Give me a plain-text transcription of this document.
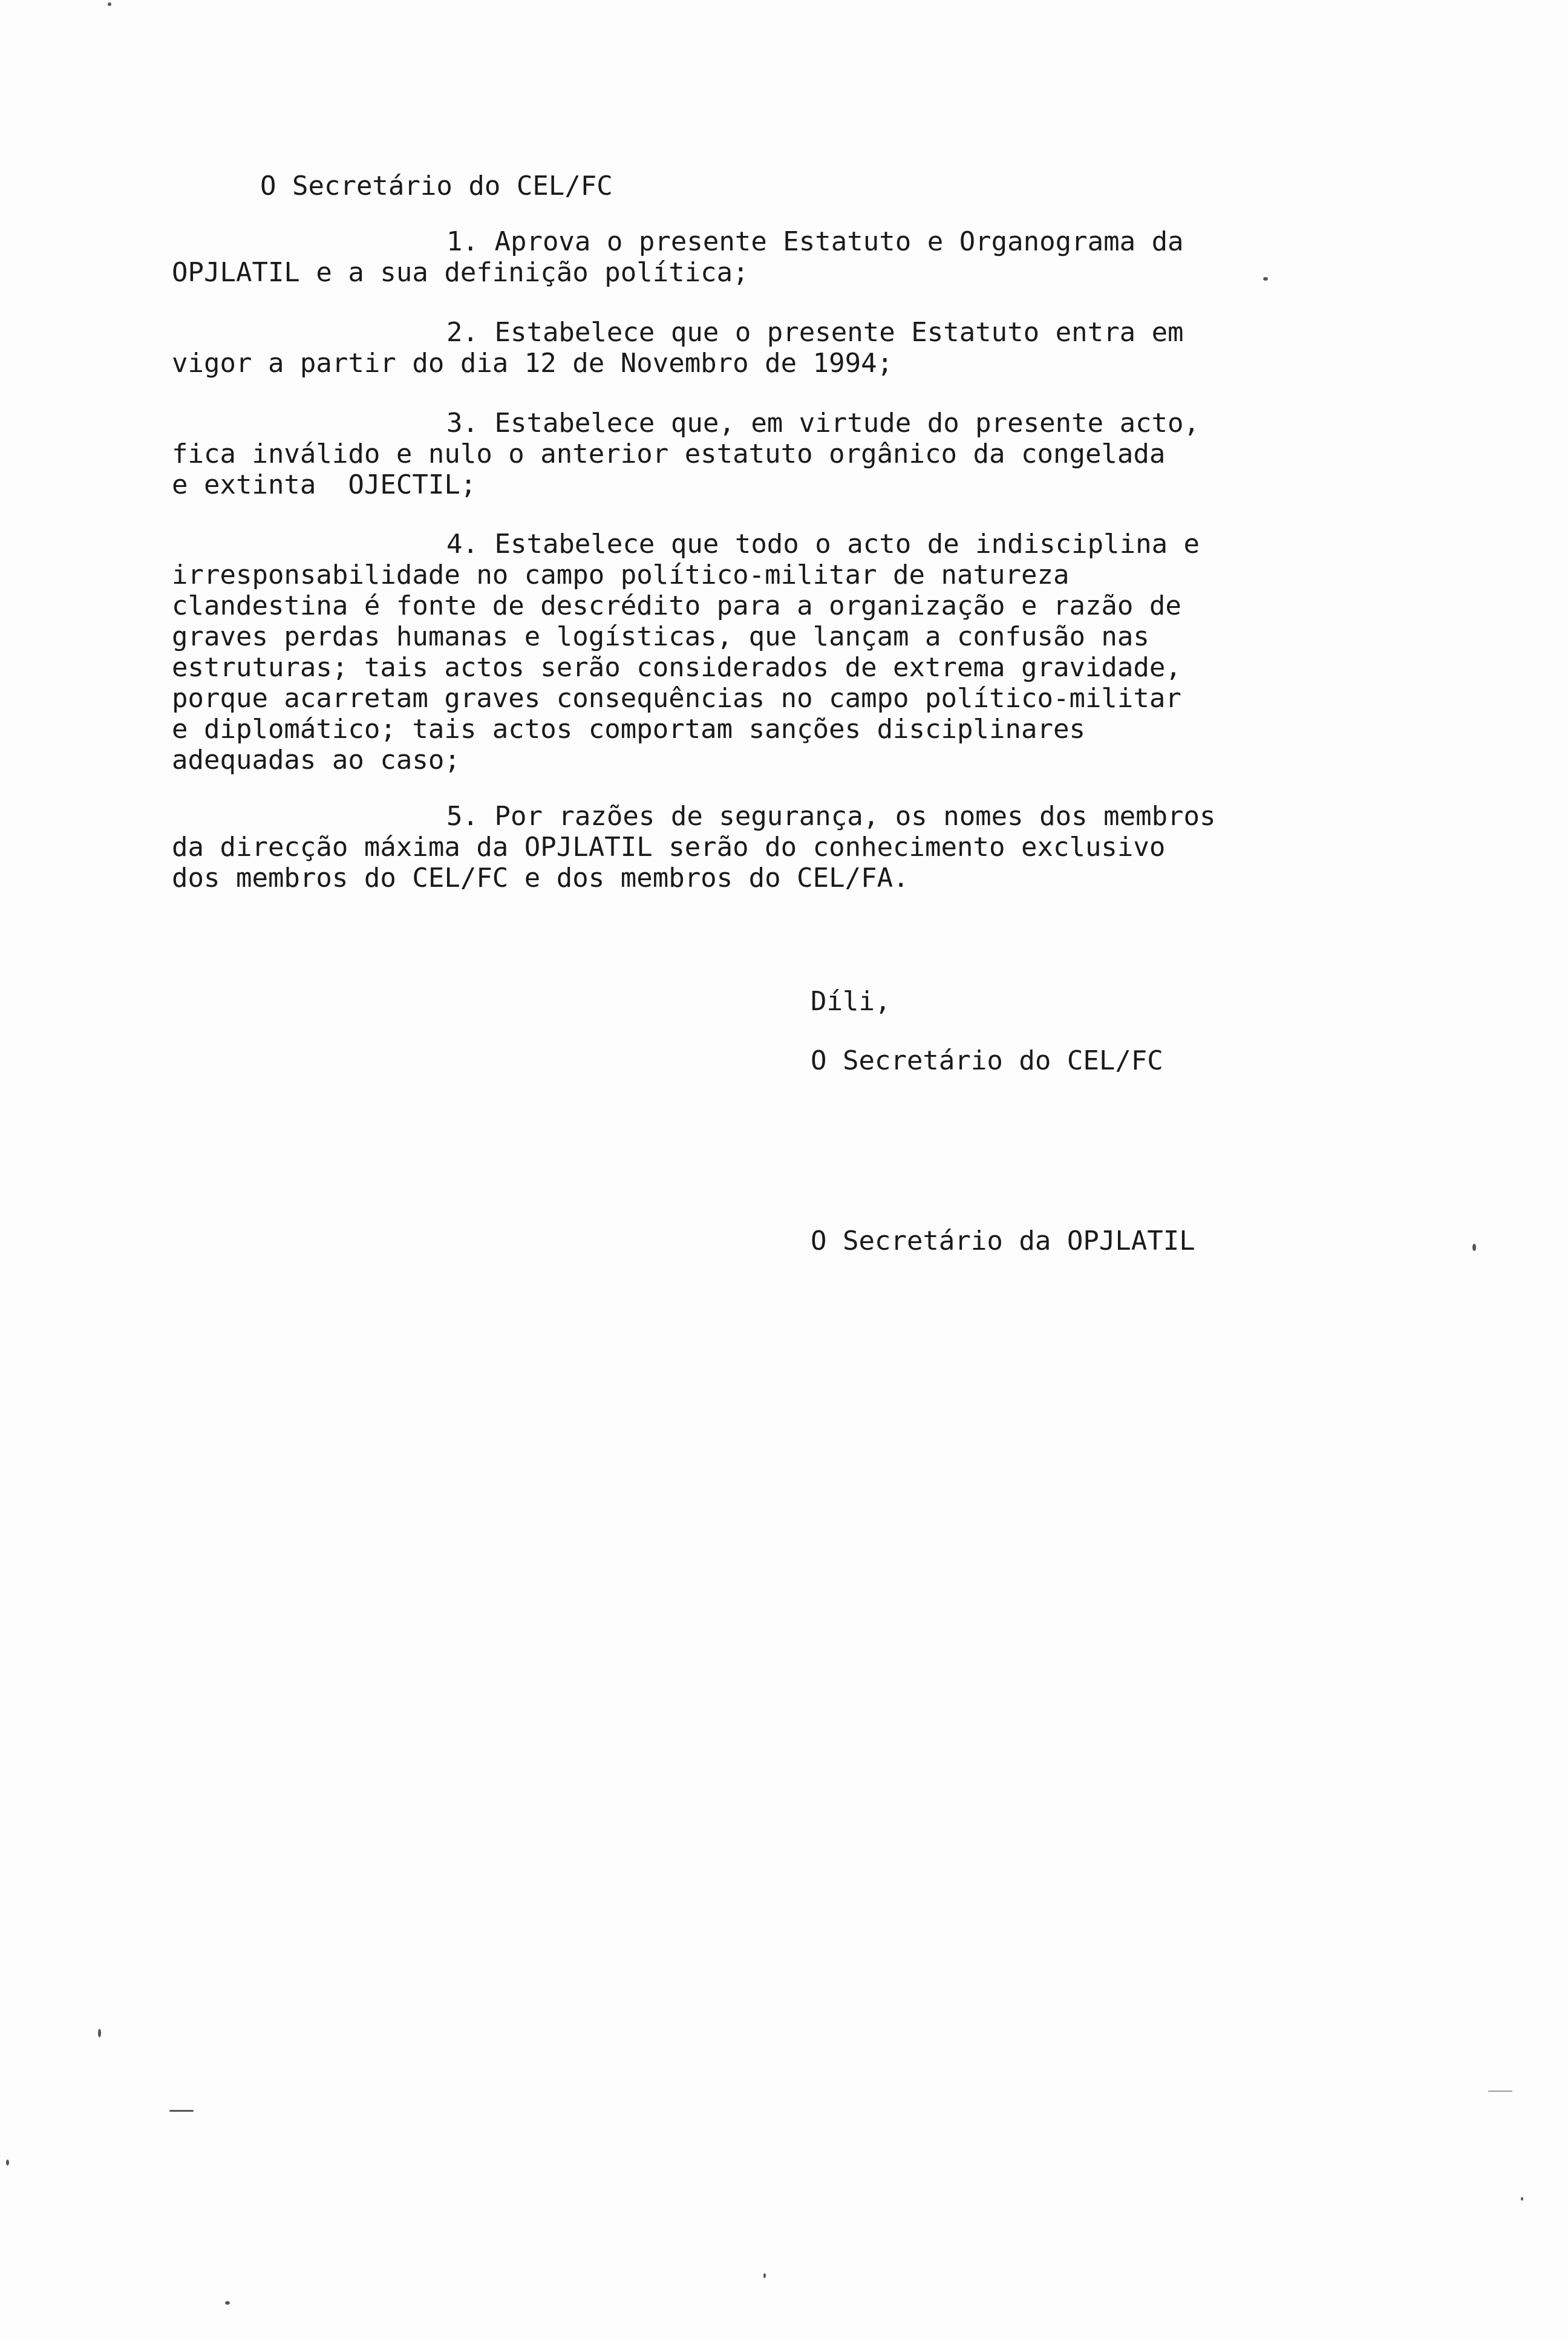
O Secretário do CEL/FC
1. Aprova o presente Estatuto e Organograma da
OPJLATIL e a sua definição política;
2. Estabelece que o presente Estatuto entra em
vigor a partir do dia 12 de Novembro de 1994;
3. Estabelece que, em virtude do presente acto,
fica inválido e nulo o anterior estatuto orgânico da congelada
e extinta  OJECTIL;
4. Estabelece que todo o acto de indisciplina e
irresponsabilidade no campo político-militar de natureza
clandestina é fonte de descrédito para a organização e razão de
graves perdas humanas e logísticas, que lançam a confusão nas
estruturas; tais actos serão considerados de extrema gravidade,
porque acarretam graves consequências no campo político-militar
e diplomático; tais actos comportam sanções disciplinares
adequadas ao caso;
5. Por razões de segurança, os nomes dos membros
da direcção máxima da OPJLATIL serão do conhecimento exclusivo
dos membros do CEL/FC e dos membros do CEL/FA.
Díli,
O Secretário do CEL/FC
O Secretário da OPJLATIL
